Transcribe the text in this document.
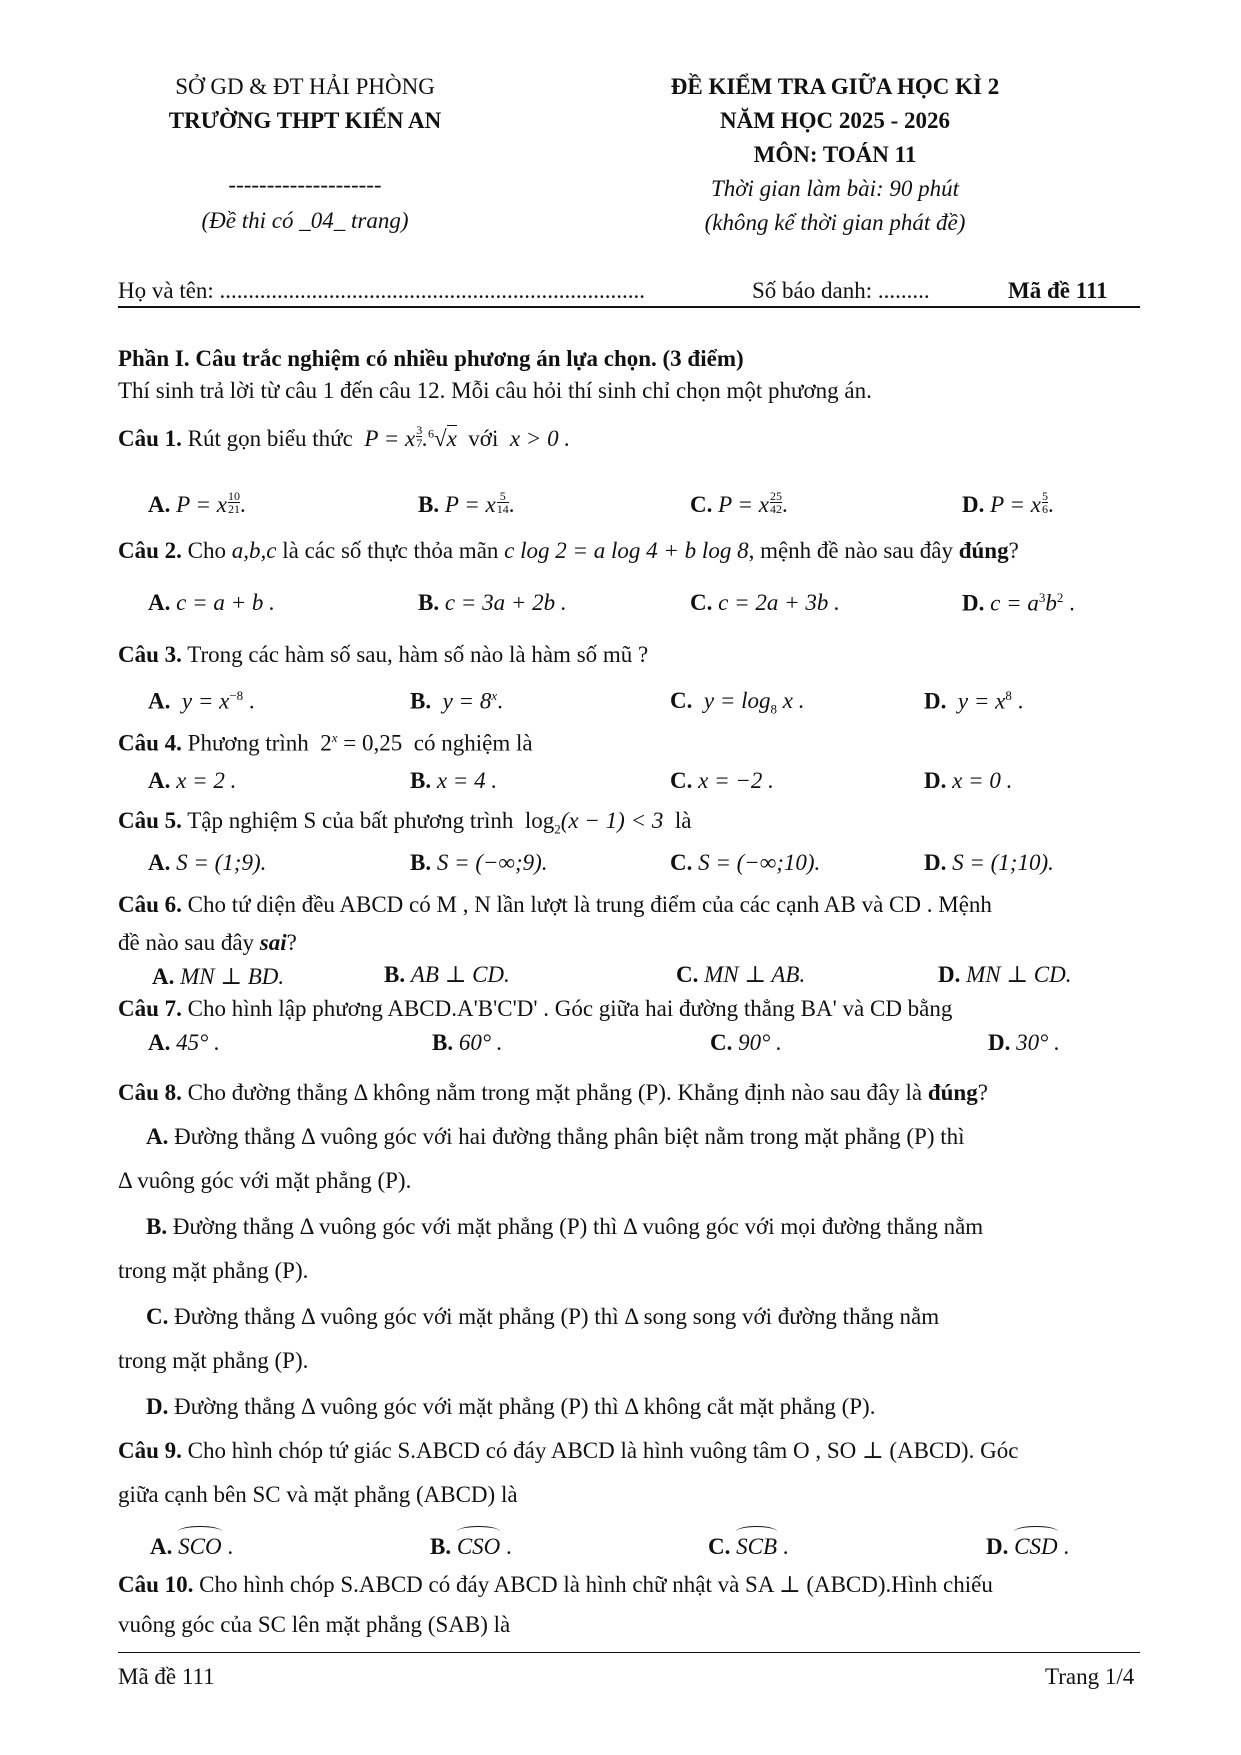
SỞ GD & ĐT HẢI PHÒNG
TRƯỜNG THPT KIẾN AN
--------------------
(Đề thi có _04_ trang)
ĐỀ KIỂM TRA GIỮA HỌC KÌ 2
NĂM HỌC 2025 - 2026
MÔN: TOÁN 11
Thời gian làm bài: 90 phút
(không kể thời gian phát đề)
Họ và tên: ..........................................................................	Số báo danh: .........	Mã đề 111
Phần I. Câu trắc nghiệm có nhiều phương án lựa chọn. (3 điểm)
Thí sinh trả lời từ câu 1 đến câu 12. Mỗi câu hỏi thí sinh chỉ chọn một phương án.
Câu 1. Rút gọn biểu thức  P = x $\frac{3}{7} .^6√x$ với x > 0 .
A. P = x $\frac{10}{21}$ .	B. P = x $\frac{5}{14}$ .	C. P = x $\frac{25}{42}$ .	D. P = x $\frac{5}{6}$ .
Câu 2. Cho a,b,c là các số thực thỏa mãn c log 2 = a log 4 + b log 8, mệnh đề nào sau đây đúng?
A. c = a + b .	B. c = 3a + 2b .	C. c = 2a + 3b .	D. $c = a^3b^2$ .
Câu 3. Trong các hàm số sau, hàm số nào là hàm số mũ ?
A. $y = x^{-8}$ .	B. $y = 8^x$.	C. $y = \log_8 x$ .	D. $y = x^8$ .
Câu 4. Phương trình $2^x = 0,25$ có nghiệm là
A. x = 2 .	B. x = 4 .	C. x = −2 .	D. x = 0 .
Câu 5. Tập nghiệm S của bất phương trình $\log_2(x - 1) < 3$ là
A. S = (1;9).	B. S = (−∞;9).	C. S = (−∞;10).	D. S = (1;10).
Câu 6. Cho tứ diện đều ABCD có M , N lần lượt là trung điểm của các cạnh AB và CD . Mệnh
đề nào sau đây sai?
A. MN ⊥ BD.	B. AB ⊥ CD.	C. MN ⊥ AB.	D. MN ⊥ CD.
Câu 7. Cho hình lập phương ABCD.A'B'C'D' . Góc giữa hai đường thẳng BA' và CD bằng
A. 45° .	B. 60° .	C. 90° .	D. 30° .
Câu 8. Cho đường thẳng Δ không nằm trong mặt phẳng (P). Khẳng định nào sau đây là đúng?
A. Đường thẳng Δ vuông góc với hai đường thẳng phân biệt nằm trong mặt phẳng (P) thì
Δ vuông góc với mặt phẳng (P).
B. Đường thẳng Δ vuông góc với mặt phẳng (P) thì Δ vuông góc với mọi đường thẳng nằm
trong mặt phẳng (P).
C. Đường thẳng Δ vuông góc với mặt phẳng (P) thì Δ song song với đường thẳng nằm
trong mặt phẳng (P).
D. Đường thẳng Δ vuông góc với mặt phẳng (P) thì Δ không cắt mặt phẳng (P).
Câu 9. Cho hình chóp tứ giác S.ABCD có đáy ABCD là hình vuông tâm O , SO ⊥ (ABCD). Góc
giữa cạnh bên SC và mặt phẳng (ABCD) là
A. SCO .	B. CSO .	C. SCB .	D. CSD .
Câu 10. Cho hình chóp S.ABCD có đáy ABCD là hình chữ nhật và SA ⊥ (ABCD).Hình chiếu
vuông góc của SC lên mặt phẳng (SAB) là
Mã đề 111	Trang 1/4
